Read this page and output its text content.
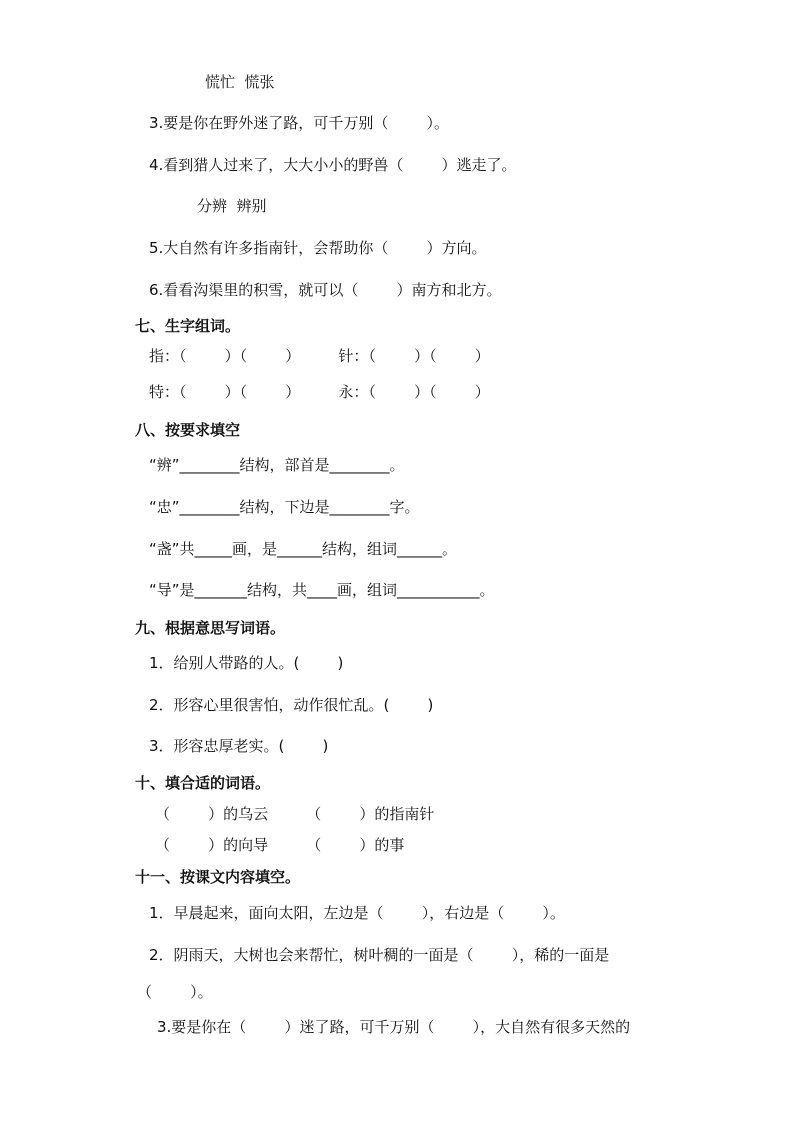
慌忙  慌张
3.要是你在野外迷了路，可千万别（        ）。
4.看到猎人过来了，大大小小的野兽（        ）逃走了。
分辨  辨别
5.大自然有许多指南针，会帮助你（        ）方向。
6.看看沟渠里的积雪，就可以（        ）南方和北方。
七、生字组词。
指：（        ）（        ）        针：（        ）（        ）
特：（        ）（        ）        永：（        ）（        ）
八、按要求填空
“辨”________结构，部首是________。
“忠”________结构，下边是________字。
“盏”共_____画，是______结构，组词______。
“导”是_______结构，共____画，组词___________。
九、根据意思写词语。
1．给别人带路的人。(        )
2．形容心里很害怕，动作很忙乱。(        )
3．形容忠厚老实。(        )
十、填合适的词语。
（        ）的乌云        （        ）的指南针
（        ）的向导        （        ）的事
十一、按课文内容填空。
1．早晨起来，面向太阳，左边是（        ），右边是（        ）。
2．阴雨天，大树也会来帮忙，树叶稠的一面是（        ），稀的一面是
（        ）。
3.要是你在（        ）迷了路，可千万别（        ），大自然有很多天然的
